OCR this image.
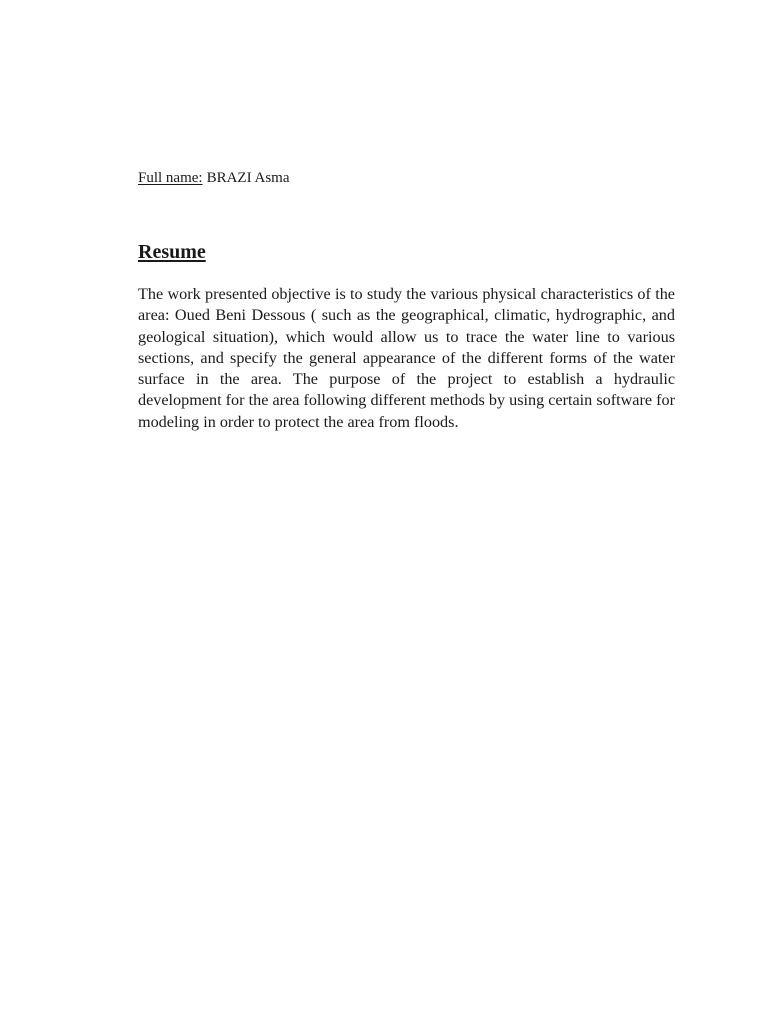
Full name: BRAZI Asma
Resume

The work presented objective is to study the various physical characteristics of the area: Oued Beni Dessous ( such as the geographical, climatic, hydrographic, and geological situation), which would allow us to trace the water line to various sections, and specify the general appearance of the different forms of the water surface in the area. The purpose of the project to establish a hydraulic development for the area following different methods by using certain software for modeling in order to protect the area from floods.
